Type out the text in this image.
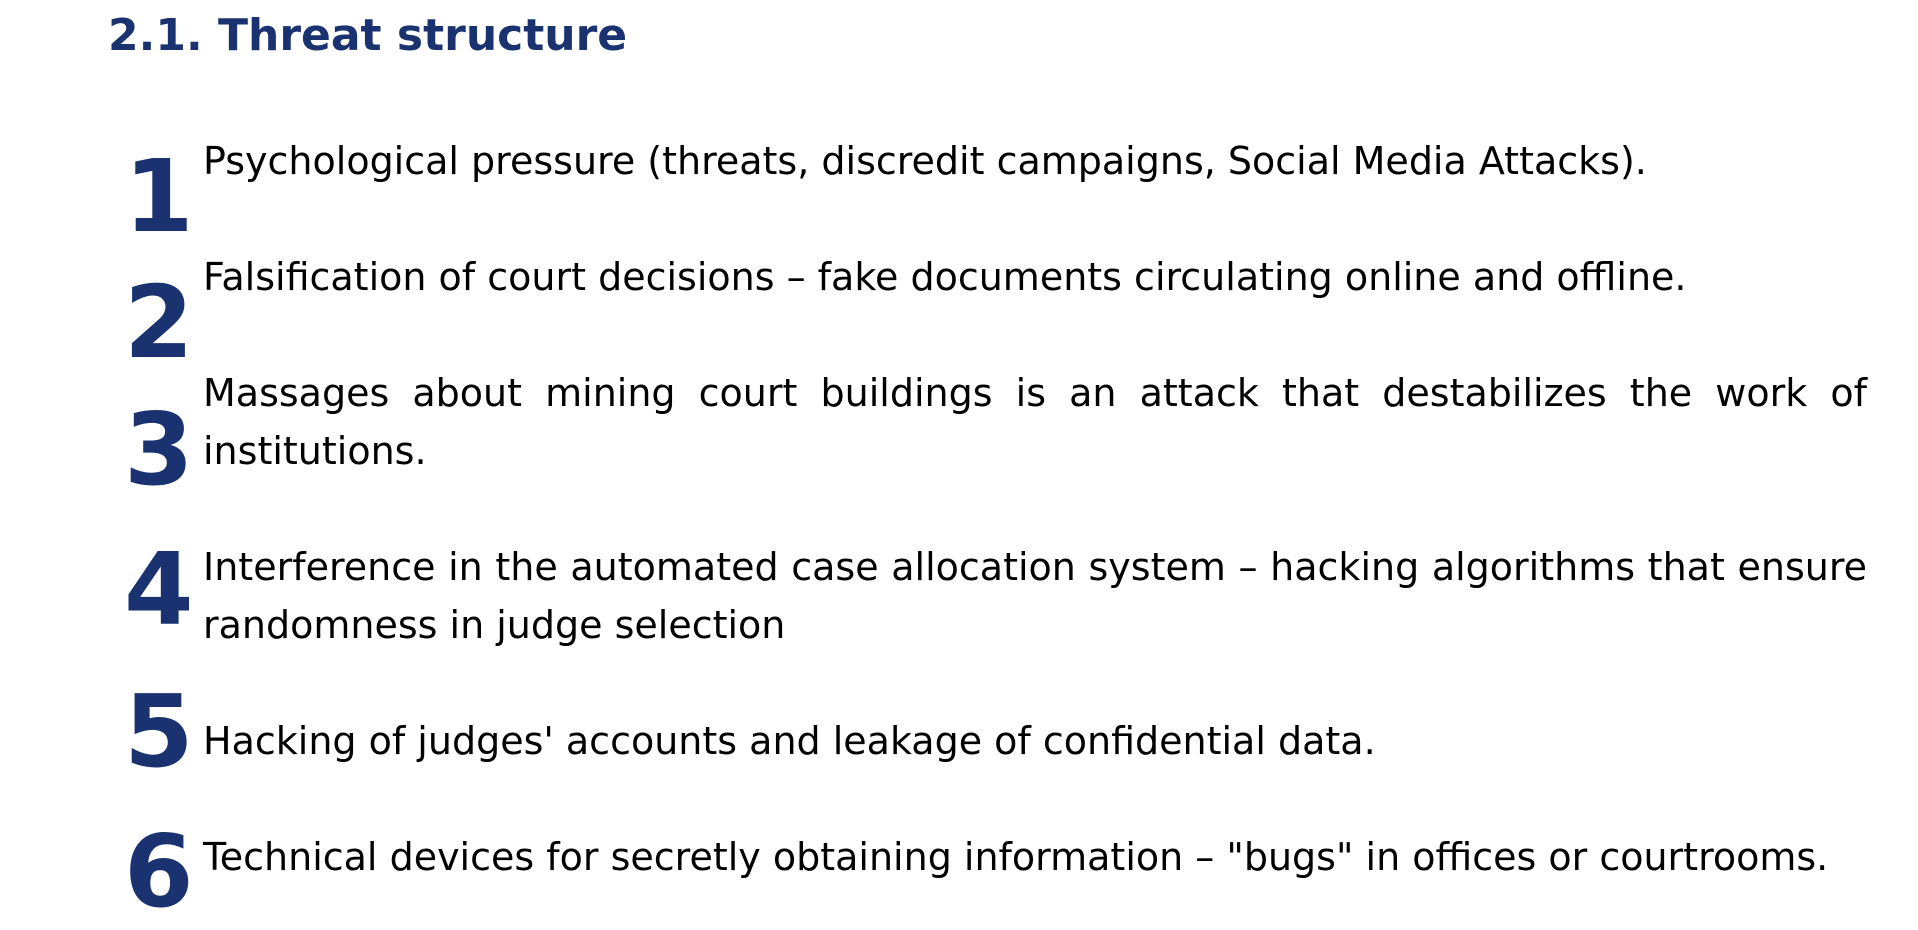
2.1. Threat structure
1 Psychological pressure (threats, discredit campaigns, Social Media Attacks).

2 Falsification of court decisions – fake documents circulating online and offline.

3 Massages about mining court buildings is an attack that destabilizes the work of institutions.

4 Interference in the automated case allocation system – hacking algorithms that ensure randomness in judge selection

5 Hacking of judges' accounts and leakage of confidential data.

6 Technical devices for secretly obtaining information – "bugs" in offices or courtrooms.
